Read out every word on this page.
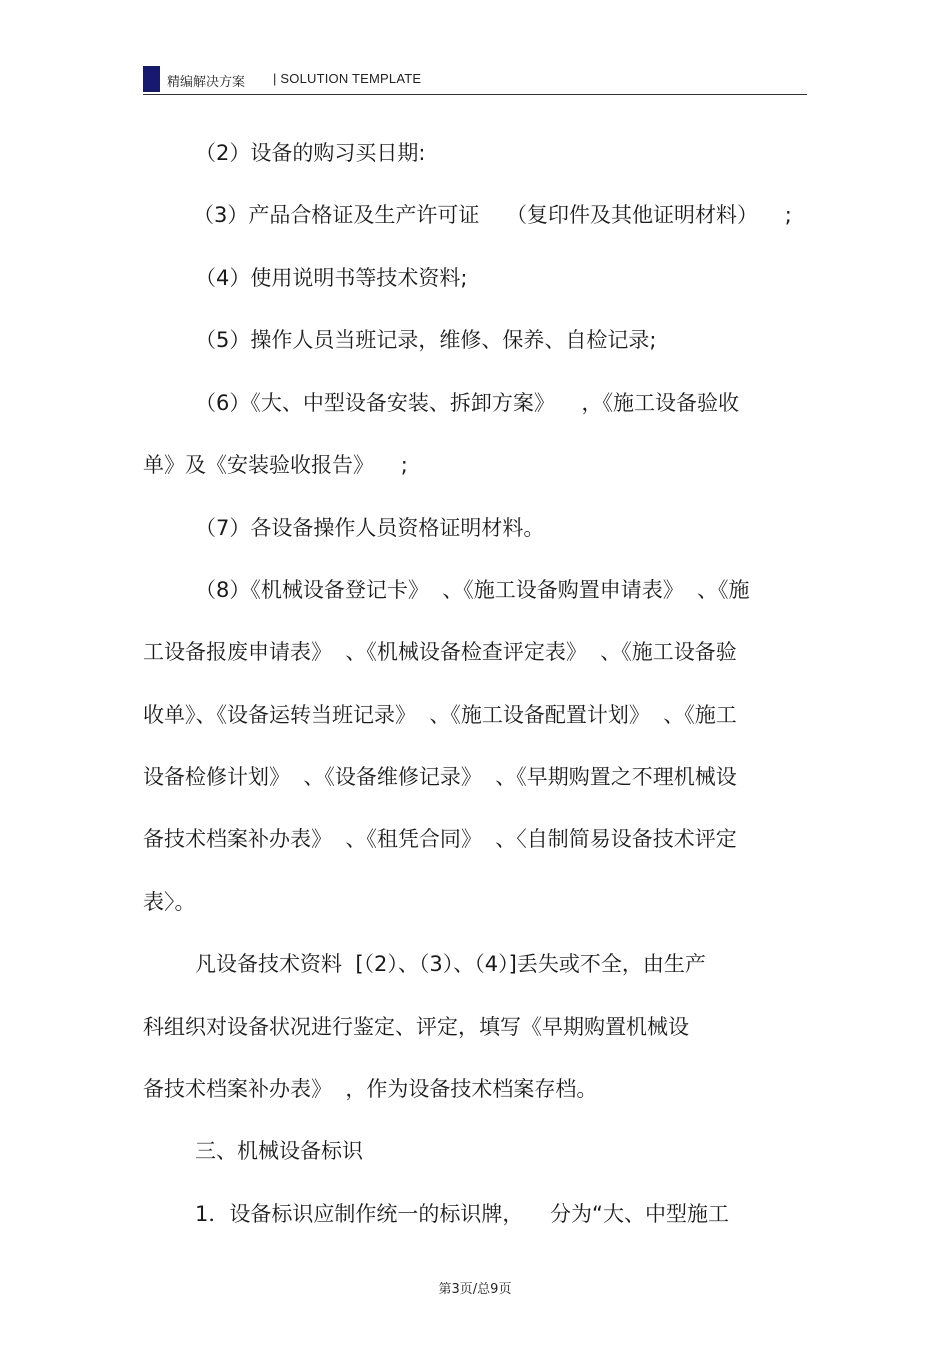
精编解决方案 | SOLUTION TEMPLATE
（2）设备的购习买日期:
（3）产品合格证及生产许可证    （复印件及其他证明材料）    ;
（4）使用说明书等技术资料;
（5）操作人员当班记录，维修、保养、自检记录;
（6）《大、中型设备安装、拆卸方案》    ，《施工设备验收
单》及《安装验收报告》    ;
（7）各设备操作人员资格证明材料。
（8）《机械设备登记卡》  、《施工设备购置申请表》  、《施
工设备报废申请表》  、《机械设备检查评定表》  、《施工设备验
收单》、《设备运转当班记录》  、《施工设备配置计划》  、《施工
设备检修计划》  、《设备维修记录》  、《早期购置之不理机械设
备技术档案补办表》  、《租凭合同》  、〈自制简易设备技术评定
表〉。
凡设备技术资料  [（2）、（3）、（4）]丢失或不全，由生产
科组织对设备状况进行鉴定、评定，填写《早期购置机械设
备技术档案补办表》  ，作为设备技术档案存档。
三、机械设备标识
1．设备标识应制作统一的标识牌，    分为“大、中型施工
第3页/总9页
